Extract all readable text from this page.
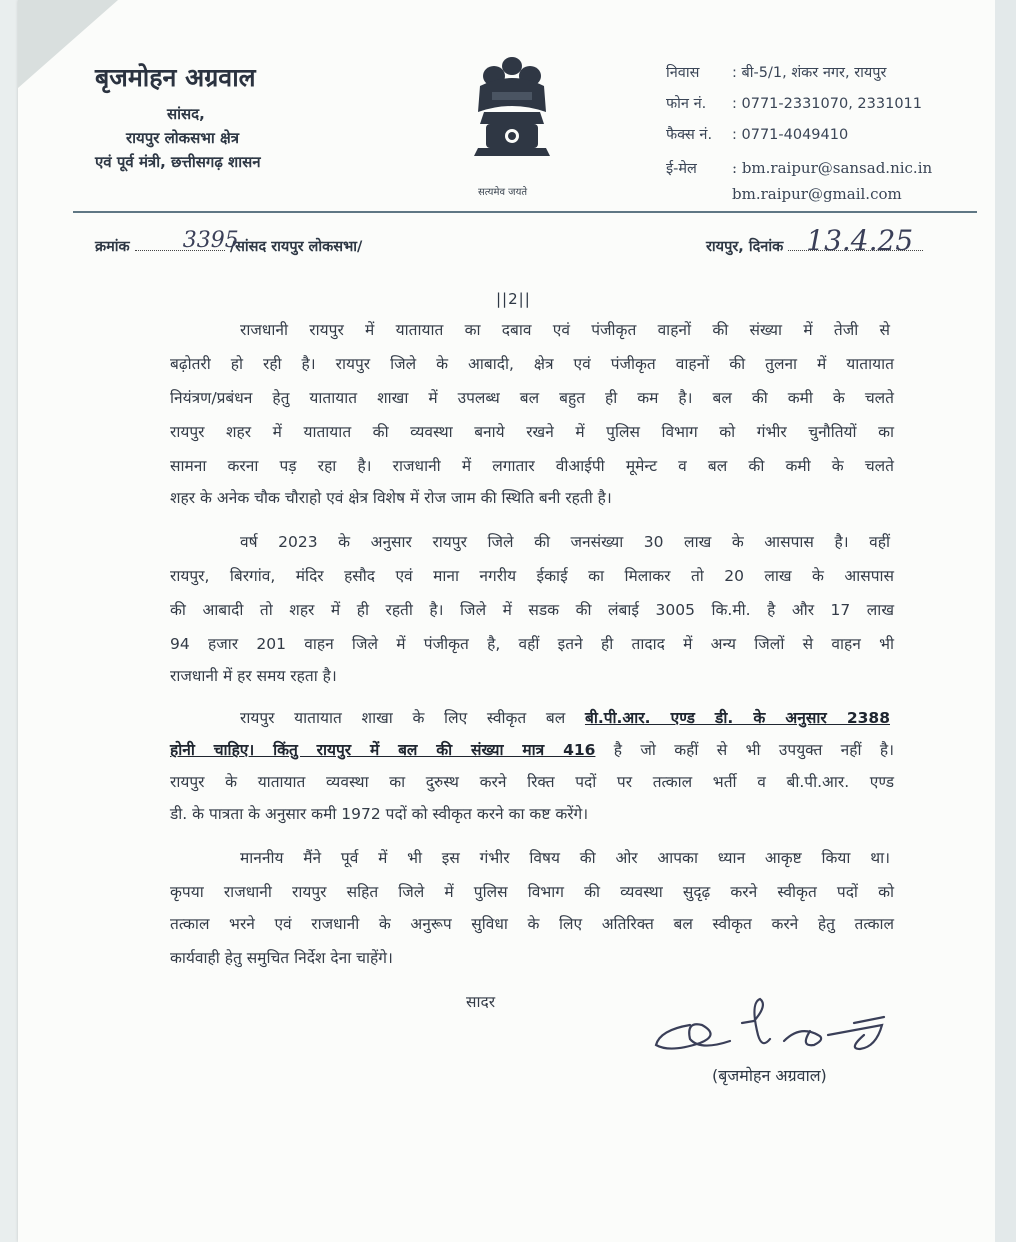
बृजमोहन अग्रवाल
सांसद,
रायपुर लोकसभा क्षेत्र
एवं पूर्व मंत्री, छत्तीसगढ़ शासन
सत्यमेव जयते
निवास : बी-5/1, शंकर नगर, रायपुर
फोन नं. : 0771-2331070, 2331011
फैक्स नं. : 0771-4049410
ई-मेल : bm.raipur@sansad.nic.in
bm.raipur@gmail.com
क्रमांक 3395
/सांसद रायपुर लोकसभा/	रायपुर, दिनांक 13.4.25
||2||
राजधानी रायपुर में यातायात का दबाव एवं पंजीकृत वाहनों की संख्या में तेजी से
बढ़ोतरी हो रही है। रायपुर जिले के आबादी, क्षेत्र एवं पंजीकृत वाहनों की तुलना में यातायात
नियंत्रण/प्रबंधन हेतु यातायात शाखा में उपलब्ध बल बहुत ही कम है। बल की कमी के चलते
रायपुर शहर में यातायात की व्यवस्था बनाये रखने में पुलिस विभाग को गंभीर चुनौतियों का
सामना करना पड़ रहा है। राजधानी में लगातार वीआईपी मूमेन्ट व बल की कमी के चलते
शहर के अनेक चौक चौराहो एवं क्षेत्र विशेष में रोज जाम की स्थिति बनी रहती है।
वर्ष 2023 के अनुसार रायपुर जिले की जनसंख्या 30 लाख के आसपास है। वहीं
रायपुर, बिरगांव, मंदिर हसौद एवं माना नगरीय ईकाई का मिलाकर तो 20 लाख के आसपास
की आबादी तो शहर में ही रहती है। जिले में सडक की लंबाई 3005 कि.मी. है और 17 लाख
94 हजार 201 वाहन जिले में पंजीकृत है, वहीं इतने ही तादाद में अन्य जिलों से वाहन भी
राजधानी में हर समय रहता है।
रायपुर यातायात शाखा के लिए स्वीकृत बल बी.पी.आर. एण्ड डी. के अनुसार 2388
होनी चाहिए। किंतु रायपुर में बल की संख्या मात्र 416 है जो कहीं से भी उपयुक्त नहीं है।
रायपुर के यातायात व्यवस्था का दुरुस्थ करने रिक्त पदों पर तत्काल भर्ती व बी.पी.आर. एण्ड
डी. के पात्रता के अनुसार कमी 1972 पदों को स्वीकृत करने का कष्ट करेंगे।
माननीय मैंने पूर्व में भी इस गंभीर विषय की ओर आपका ध्यान आकृष्ट किया था।
कृपया राजधानी रायपुर सहित जिले में पुलिस विभाग की व्यवस्था सुदृढ़ करने स्वीकृत पदों को
तत्काल भरने एवं राजधानी के अनुरूप सुविधा के लिए अतिरिक्त बल स्वीकृत करने हेतु तत्काल
कार्यवाही हेतु समुचित निर्देश देना चाहेंगे।
सादर
(बृजमोहन अग्रवाल)
